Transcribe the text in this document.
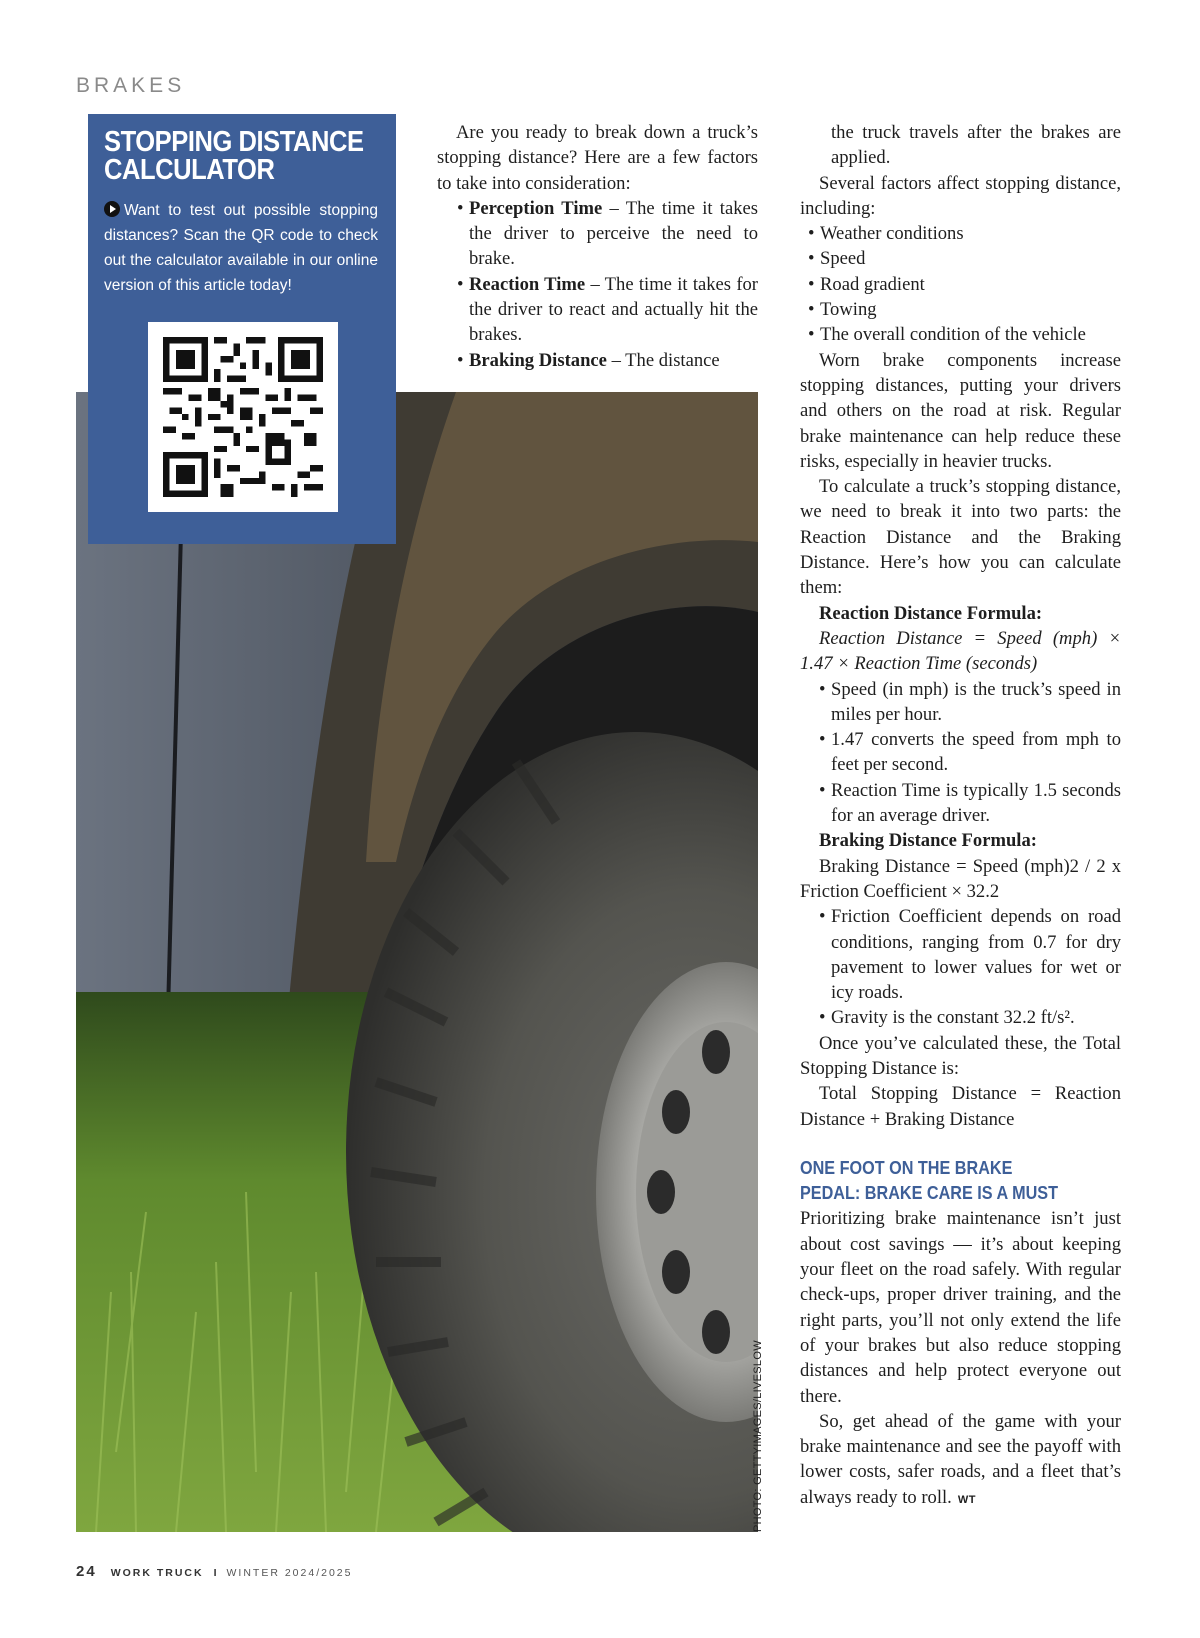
BRAKES
PHOTO: GETTYIMAGES/LIVESLOW
STOPPING DISTANCE CALCULATOR
Want to test out possible stopping distances? Scan the QR code to check out the calculator available in our online version of this article today!

Are you ready to break down a truck’s stopping distance? Here are a few factors to take into consideration:

• Perception Time – The time it takes the driver to perceive the need to brake.
• Reaction Time – The time it takes for the driver to react and actually hit the brakes.
• Braking Distance – The distance

the truck travels after the brakes are applied.

Several factors affect stopping distance, including:

• Weather conditions
• Speed
• Road gradient
• Towing
• The overall condition of the vehicle

Worn brake components increase stopping distances, putting your drivers and others on the road at risk. Regular brake maintenance can help reduce these risks, especially in heavier trucks.

To calculate a truck’s stopping distance, we need to break it into two parts: the Reaction Distance and the Braking Distance. Here’s how you can calculate them:

Reaction Distance Formula:

Reaction Distance = Speed (mph) × 1.47 × Reaction Time (seconds)

• Speed (in mph) is the truck’s speed in miles per hour.
• 1.47 converts the speed from mph to feet per second.
• Reaction Time is typically 1.5 seconds for an average driver.

Braking Distance Formula:

Braking Distance = Speed (mph)2 / 2 x Friction Coefficient × 32.2

• Friction Coefficient depends on road conditions, ranging from 0.7 for dry pavement to lower values for wet or icy roads.
• Gravity is the constant 32.2 ft/s².

Once you’ve calculated these, the Total Stopping Distance is:

Total Stopping Distance = Reaction Distance + Braking Distance

ONE FOOT ON THE BRAKE
PEDAL: BRAKE CARE IS A MUST

Prioritizing brake maintenance isn’t just about cost savings — it’s about keeping your fleet on the road safely. With regular check-ups, proper driver training, and the right parts, you’ll not only extend the life of your brakes but also reduce stopping distances and help protect everyone out there.

So, get ahead of the game with your brake maintenance and see the payoff with lower costs, safer roads, and a fleet that’s always ready to roll. WT

24 WORK TRUCK I WINTER 2024/2025
